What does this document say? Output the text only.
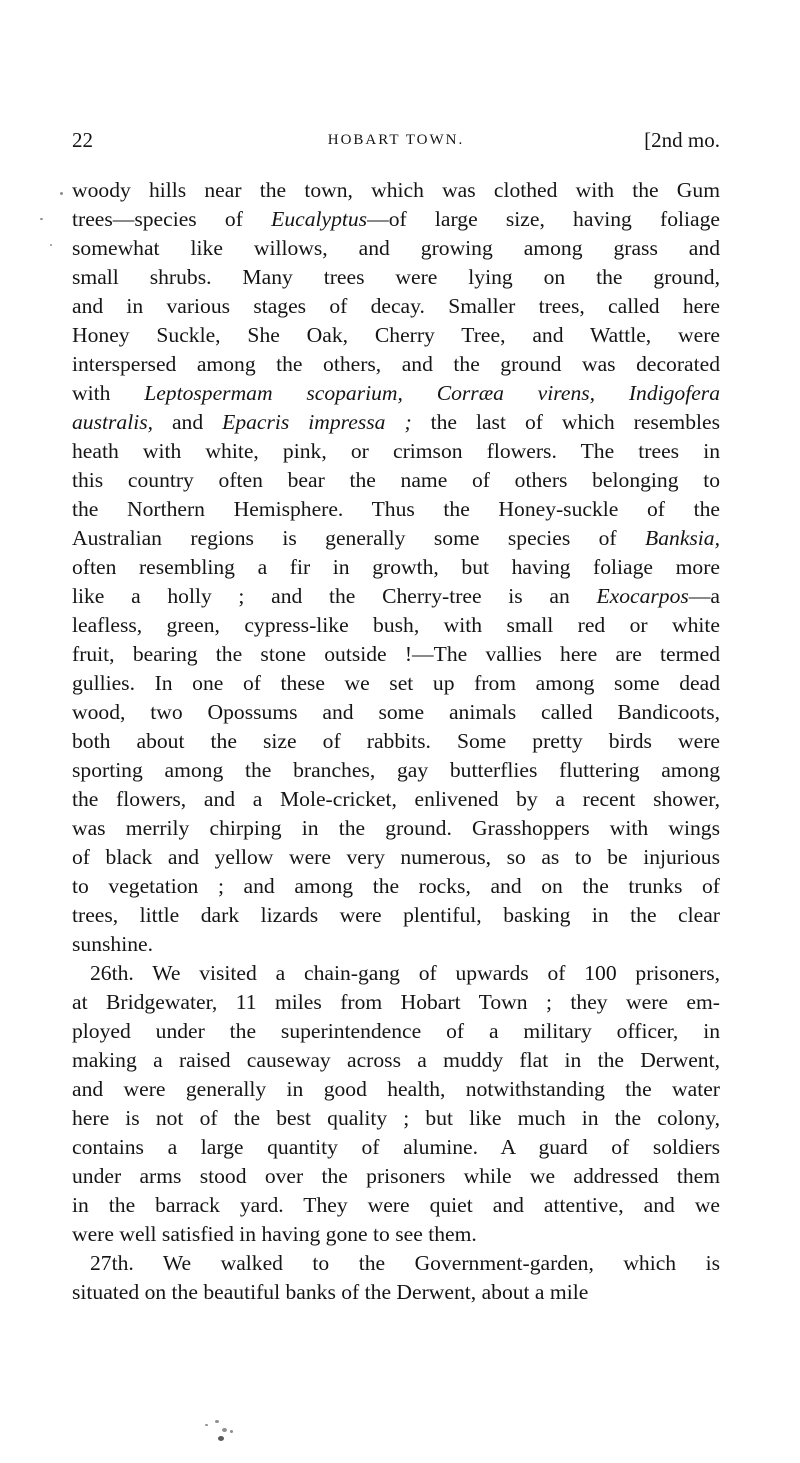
22	HOBART TOWN.	[2nd mo.
woody hills near the town, which was clothed with the Gum
trees—species of Eucalyptus—of large size, having foliage
somewhat like willows, and growing among grass and
small shrubs. Many trees were lying on the ground,
and in various stages of decay. Smaller trees, called here
Honey Suckle, She Oak, Cherry Tree, and Wattle, were
interspersed among the others, and the ground was decorated
with Leptospermam scoparium, Corræa virens, Indigofera
australis, and Epacris impressa ; the last of which resembles
heath with white, pink, or crimson flowers. The trees in
this country often bear the name of others belonging to
the Northern Hemisphere. Thus the Honey-suckle of the
Australian regions is generally some species of Banksia,
often resembling a fir in growth, but having foliage more
like a holly ; and the Cherry-tree is an Exocarpos—a
leafless, green, cypress-like bush, with small red or white
fruit, bearing the stone outside !—The vallies here are termed
gullies. In one of these we set up from among some dead
wood, two Opossums and some animals called Bandicoots,
both about the size of rabbits. Some pretty birds were
sporting among the branches, gay butterflies fluttering among
the flowers, and a Mole-cricket, enlivened by a recent shower,
was merrily chirping in the ground. Grasshoppers with wings
of black and yellow were very numerous, so as to be injurious
to vegetation ; and among the rocks, and on the trunks of
trees, little dark lizards were plentiful, basking in the clear
sunshine.
26th. We visited a chain-gang of upwards of 100 prisoners,
at Bridgewater, 11 miles from Hobart Town ; they were em-
ployed under the superintendence of a military officer, in
making a raised causeway across a muddy flat in the Derwent,
and were generally in good health, notwithstanding the water
here is not of the best quality ; but like much in the colony,
contains a large quantity of alumine. A guard of soldiers
under arms stood over the prisoners while we addressed them
in the barrack yard. They were quiet and attentive, and we
were well satisfied in having gone to see them.
27th. We walked to the Government-garden, which is
situated on the beautiful banks of the Derwent, about a mile
